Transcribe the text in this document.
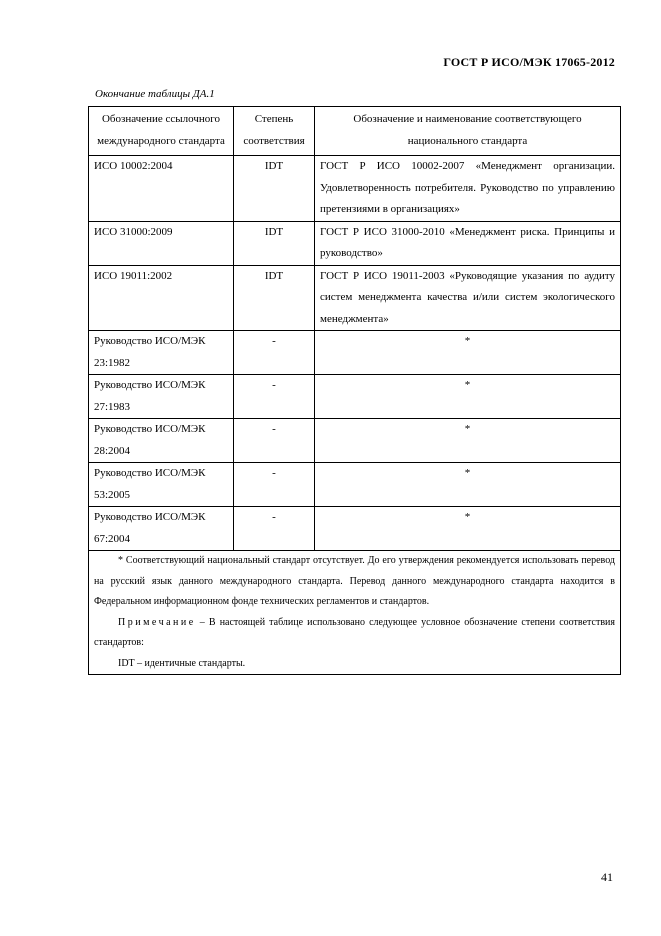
ГОСТ Р ИСО/МЭК 17065-2012
Окончание таблицы ДА.1
Обозначение ссылочного международного стандарта	Степень соответствия	Обозначение и наименование соответствующего национального стандарта
ИСО 10002:2004	IDT	ГОСТ Р ИСО 10002-2007 «Менеджмент организации. Удовлетворенность потребителя. Руководство по управлению претензиями в организациях»
ИСО 31000:2009	IDT	ГОСТ Р ИСО 31000-2010 «Менеджмент риска. Принципы и руководство»
ИСО 19011:2002	IDT	ГОСТ Р ИСО 19011-2003 «Руководящие указания по аудиту систем менеджмента качества и/или систем экологического менеджмента»
Руководство ИСО/МЭК 23:1982	-	*
Руководство ИСО/МЭК 27:1983	-	*
Руководство ИСО/МЭК 28:2004	-	*
Руководство ИСО/МЭК 53:2005	-	*
Руководство ИСО/МЭК 67:2004	-	*

* Соответствующий национальный стандарт отсутствует. До его утверждения рекомендуется использовать перевод на русский язык данного международного стандарта. Перевод данного международного стандарта находится в Федеральном информационном фонде технических регламентов и стандартов.

Примечание – В настоящей таблице использовано следующее условное обозначение степени соответствия стандартов:

IDT – идентичные стандарты.		

41
